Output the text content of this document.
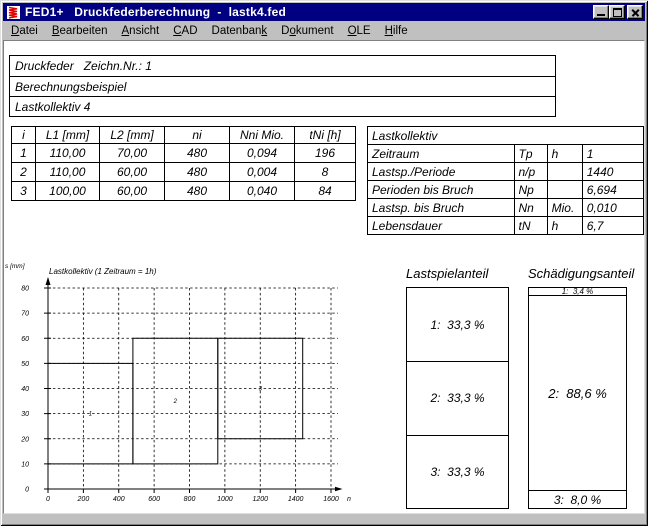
FED1+   Druckfederberechnung  -  lastk4.fed
Datei	Bearbeiten	Ansicht	CAD	Datenbank	Dokument	OLE	Hilfe
Druckfeder   Zeichn.Nr.: 1
Berechnungsbeispiel
Lastkollektiv 4
i	L1 [mm]	L2 [mm]	ni	Nni Mio.	tNi [h]
1	110,00	70,00	480	0,094	196
2	110,00	60,00	480	0,004	8
3	100,00	60,00	480	0,040	84
Lastkollektiv			
Zeitraum	Tp	h	1
Lastsp./Periode	n/p		1440
Perioden bis Bruch	Np		6,694
Lastsp. bis Bruch	Nn	Mio.	0,010
Lebensdauer	tN	h	6,7
0
10
20
30
40
50
60
70
80
0	200	400	600	800	1000	1200	1400	1600
Lastkollektiv (1 Zeitraum = 1h)
s [mm]
n
1
2
3
Lastspielanteil
1:  33,3 %
2:  33,3 %
3:  33,3 %
Schädigungsanteil
1:  3,4 %
2:  88,6 %
3:  8,0 %
